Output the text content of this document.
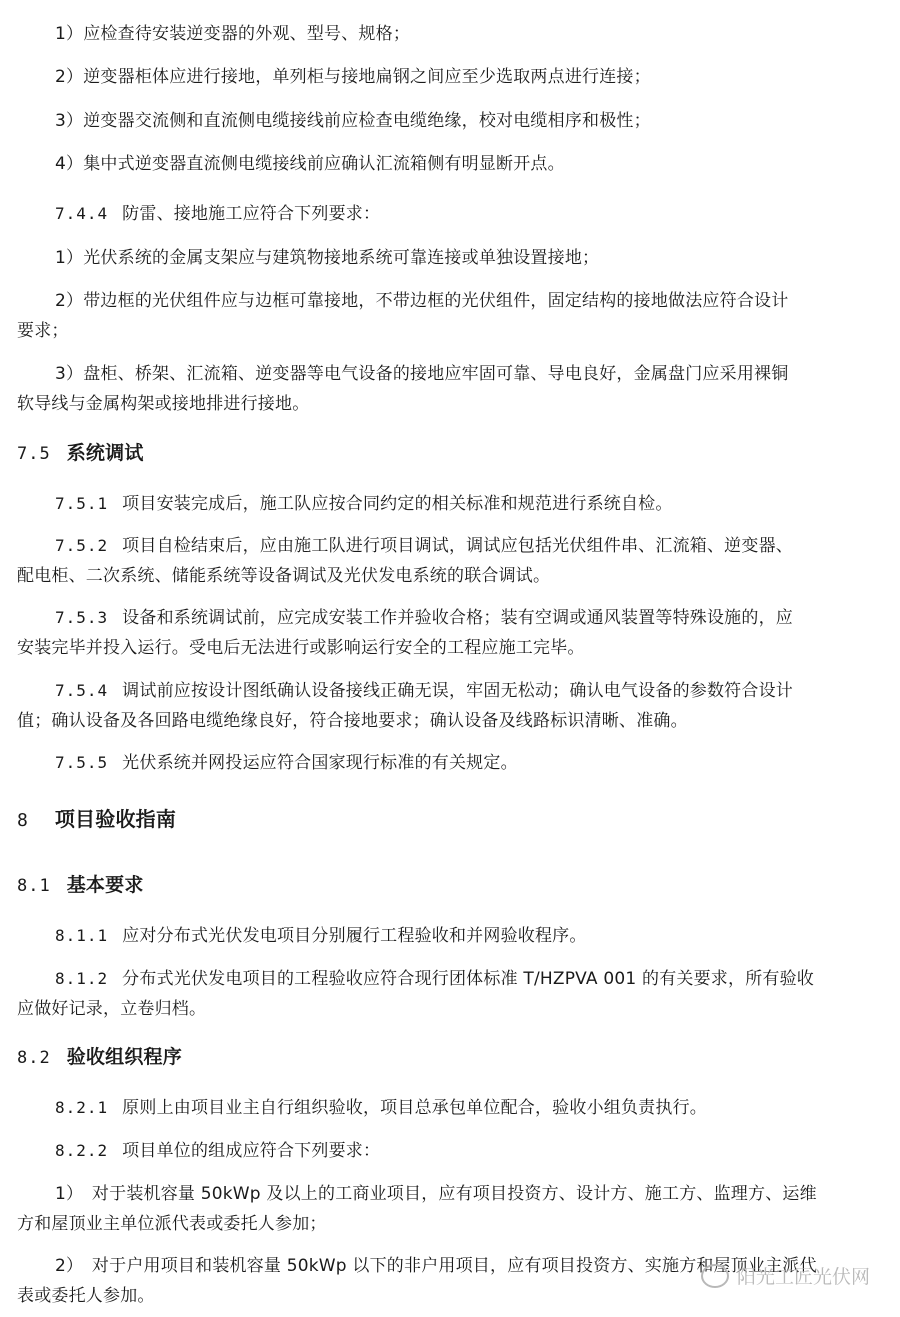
1）应检查待安装逆变器的外观、型号、规格；
2）逆变器柜体应进行接地，单列柜与接地扁钢之间应至少选取两点进行连接；
3）逆变器交流侧和直流侧电缆接线前应检查电缆绝缘，校对电缆相序和极性；
4）集中式逆变器直流侧电缆接线前应确认汇流箱侧有明显断开点。
7.4.4 防雷、接地施工应符合下列要求：
1）光伏系统的金属支架应与建筑物接地系统可靠连接或单独设置接地；
2）带边框的光伏组件应与边框可靠接地，不带边框的光伏组件，固定结构的接地做法应符合设计
要求；
3）盘柜、桥架、汇流箱、逆变器等电气设备的接地应牢固可靠、导电良好，金属盘门应采用裸铜
软导线与金属构架或接地排进行接地。
7.5 系统调试
7.5.1 项目安装完成后，施工队应按合同约定的相关标准和规范进行系统自检。
7.5.2 项目自检结束后，应由施工队进行项目调试，调试应包括光伏组件串、汇流箱、逆变器、
配电柜、二次系统、储能系统等设备调试及光伏发电系统的联合调试。
7.5.3 设备和系统调试前，应完成安装工作并验收合格；装有空调或通风装置等特殊设施的，应
安装完毕并投入运行。受电后无法进行或影响运行安全的工程应施工完毕。
7.5.4 调试前应按设计图纸确认设备接线正确无误，牢固无松动；确认电气设备的参数符合设计
值；确认设备及各回路电缆绝缘良好，符合接地要求；确认设备及线路标识清晰、准确。
7.5.5 光伏系统并网投运应符合国家现行标准的有关规定。
8 项目验收指南
8.1 基本要求
8.1.1 应对分布式光伏发电项目分别履行工程验收和并网验收程序。
8.1.2 分布式光伏发电项目的工程验收应符合现行团体标准 T/HZPVA 001 的有关要求，所有验收
应做好记录，立卷归档。
8.2 验收组织程序
8.2.1 原则上由项目业主自行组织验收，项目总承包单位配合，验收小组负责执行。
8.2.2 项目单位的组成应符合下列要求：
1）　对于装机容量 50kWp 及以上的工商业项目，应有项目投资方、设计方、施工方、监理方、运维
方和屋顶业主单位派代表或委托人参加；
2）　对于户用项目和装机容量 50kWp 以下的非户用项目，应有项目投资方、实施方和屋顶业主派代
表或委托人参加。
阳光工匠光伏网
